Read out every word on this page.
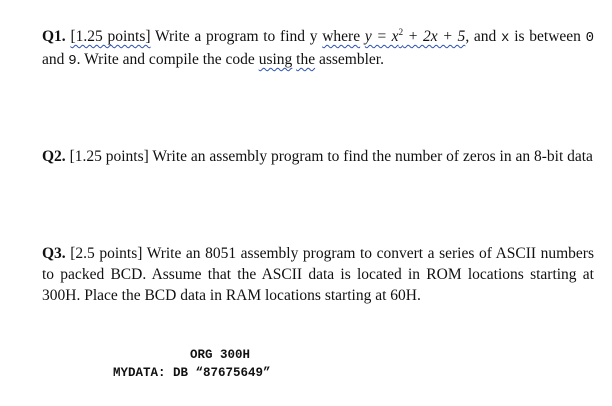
Q1. [1.25 points] Write a program to find y where $y = x^2 + 2x + 5$, and x is between 0 and 9. Write and compile the code using the assembler.
Q2. [1.25 points] Write an assembly program to find the number of zeros in an 8-bit data
Q3. [2.5 points] Write an 8051 assembly program to convert a series of ASCII numbers to packed BCD. Assume that the ASCII data is located in ROM locations starting at 300H. Place the BCD data in RAM locations starting at 60H.
ORG 300H
MYDATA: DB “87675649”
